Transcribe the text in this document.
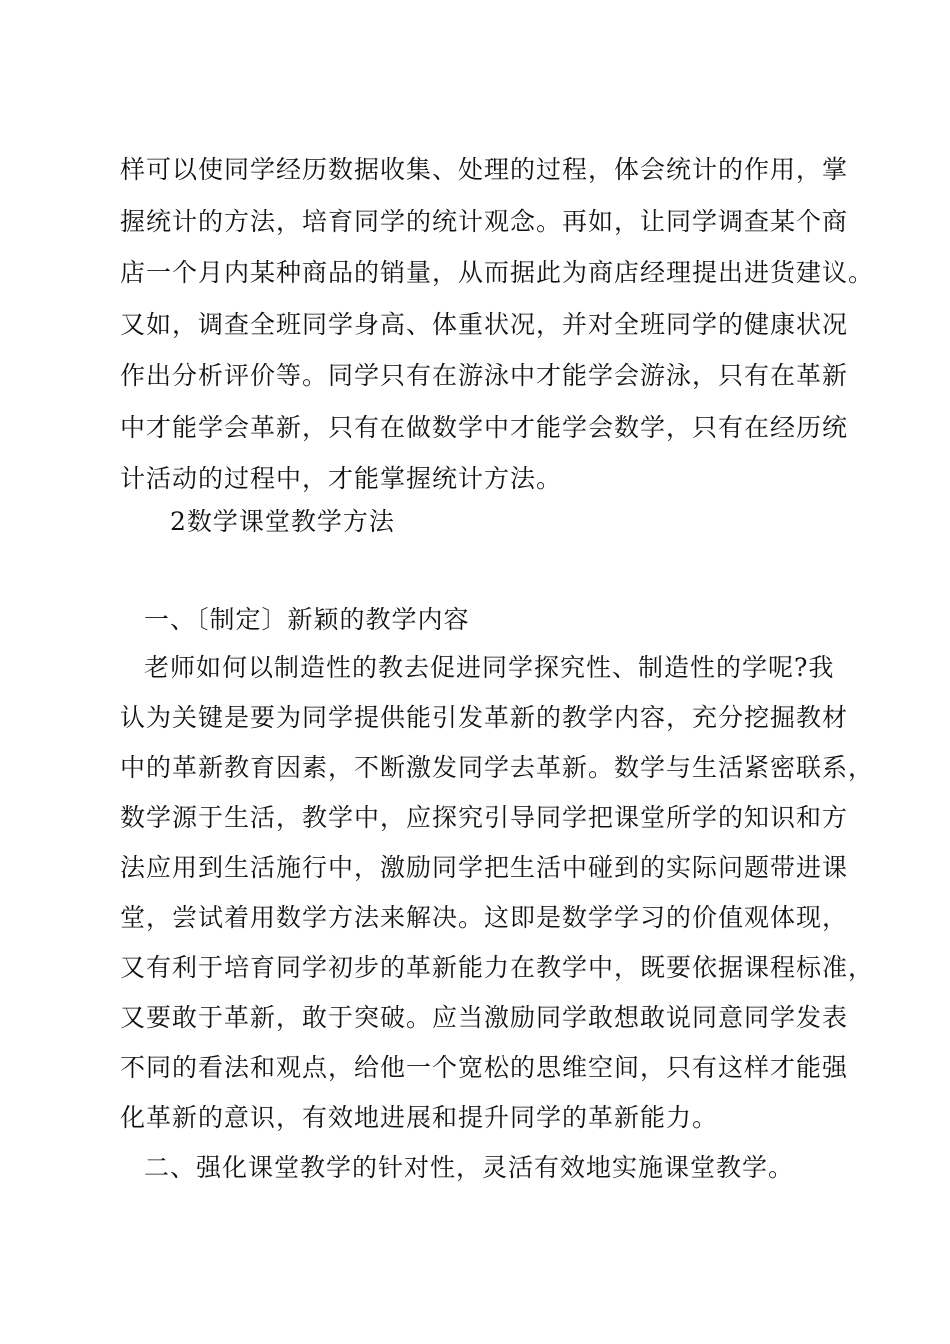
样可以使同学经历数据收集、处理的过程，体会统计的作用，掌
握统计的方法，培育同学的统计观念。再如，让同学调查某个商
店一个月内某种商品的销量，从而据此为商店经理提出进货建议。
又如，调查全班同学身高、体重状况，并对全班同学的健康状况
作出分析评价等。同学只有在游泳中才能学会游泳，只有在革新
中才能学会革新，只有在做数学中才能学会数学，只有在经历统
计活动的过程中，才能掌握统计方法。
2数学课堂教学方法
一、〔制定〕新颖的教学内容
老师如何以制造性的教去促进同学探究性、制造性的学呢?我
认为关键是要为同学提供能引发革新的教学内容，充分挖掘教材
中的革新教育因素，不断激发同学去革新。数学与生活紧密联系，
数学源于生活，教学中，应探究引导同学把课堂所学的知识和方
法应用到生活施行中，激励同学把生活中碰到的实际问题带进课
堂，尝试着用数学方法来解决。这即是数学学习的价值观体现，
又有利于培育同学初步的革新能力在教学中，既要依据课程标准，
又要敢于革新，敢于突破。应当激励同学敢想敢说同意同学发表
不同的看法和观点，给他一个宽松的思维空间，只有这样才能强
化革新的意识，有效地进展和提升同学的革新能力。
二、强化课堂教学的针对性，灵活有效地实施课堂教学。
